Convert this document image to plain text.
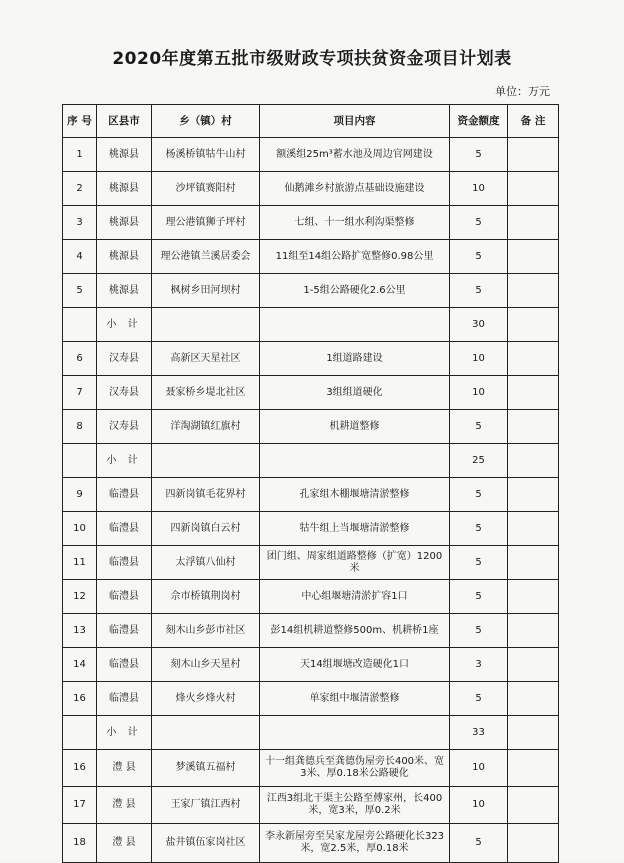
2020年度第五批市级财政专项扶贫资金项目计划表
单位：万元
序 号	区县市	乡（镇）村	项目内容	资金额度	备 注
1	桃源县	杨溪桥镇牯牛山村	额溪组25m³蓄水池及周边官网建设	5	
2	桃源县	沙坪镇赛阳村	仙鹅滩乡村旅游点基础设施建设	10	
3	桃源县	理公港镇狮子坪村	七组、十一组水利沟渠整修	5	
4	桃源县	理公港镇兰溪居委会	11组至14组公路扩宽整修0.98公里	5	
5	桃源县	枫树乡田河坝村	1-5组公路硬化2.6公里	5	
	小 计			30	
6	汉寿县	高新区天星社区	1组道路建设	10	
7	汉寿县	聂家桥乡堤北社区	3组组道硬化	10	
8	汉寿县	洋淘湖镇红旗村	机耕道整修	5	
	小 计			25	
9	临澧县	四新岗镇毛花界村	孔家组木棚堰塘清淤整修	5	
10	临澧县	四新岗镇白云村	牯牛组上当堰塘清淤整修	5	
11	临澧县	太浮镇八仙村	团门组、周家组道路整修（扩宽）1200米	5	
12	临澧县	佘市桥镇荆岗村	中心组堰塘清淤扩容1口	5	
13	临澧县	刻木山乡彭市社区	彭14组机耕道整修500m、机耕桥1座	5	
14	临澧县	刻木山乡天星村	天14组堰塘改造硬化1口	3	
16	临澧县	烽火乡烽火村	单家组中堰清淤整修	5	
	小 计			33	
16	澧 县	梦溪镇五福村	十一组龚德兵至龚德伪屋旁长400米、宽3米、厚0.18米公路硬化	10	
17	澧 县	王家厂镇江西村	江西3组北干渠主公路至傅家州，长400米，宽3米，厚0.2米	10	
18	澧 县	盐井镇伍家岗社区	李永新屋旁至吴家龙屋旁公路硬化长323米，宽2.5米，厚0.18米	5	
